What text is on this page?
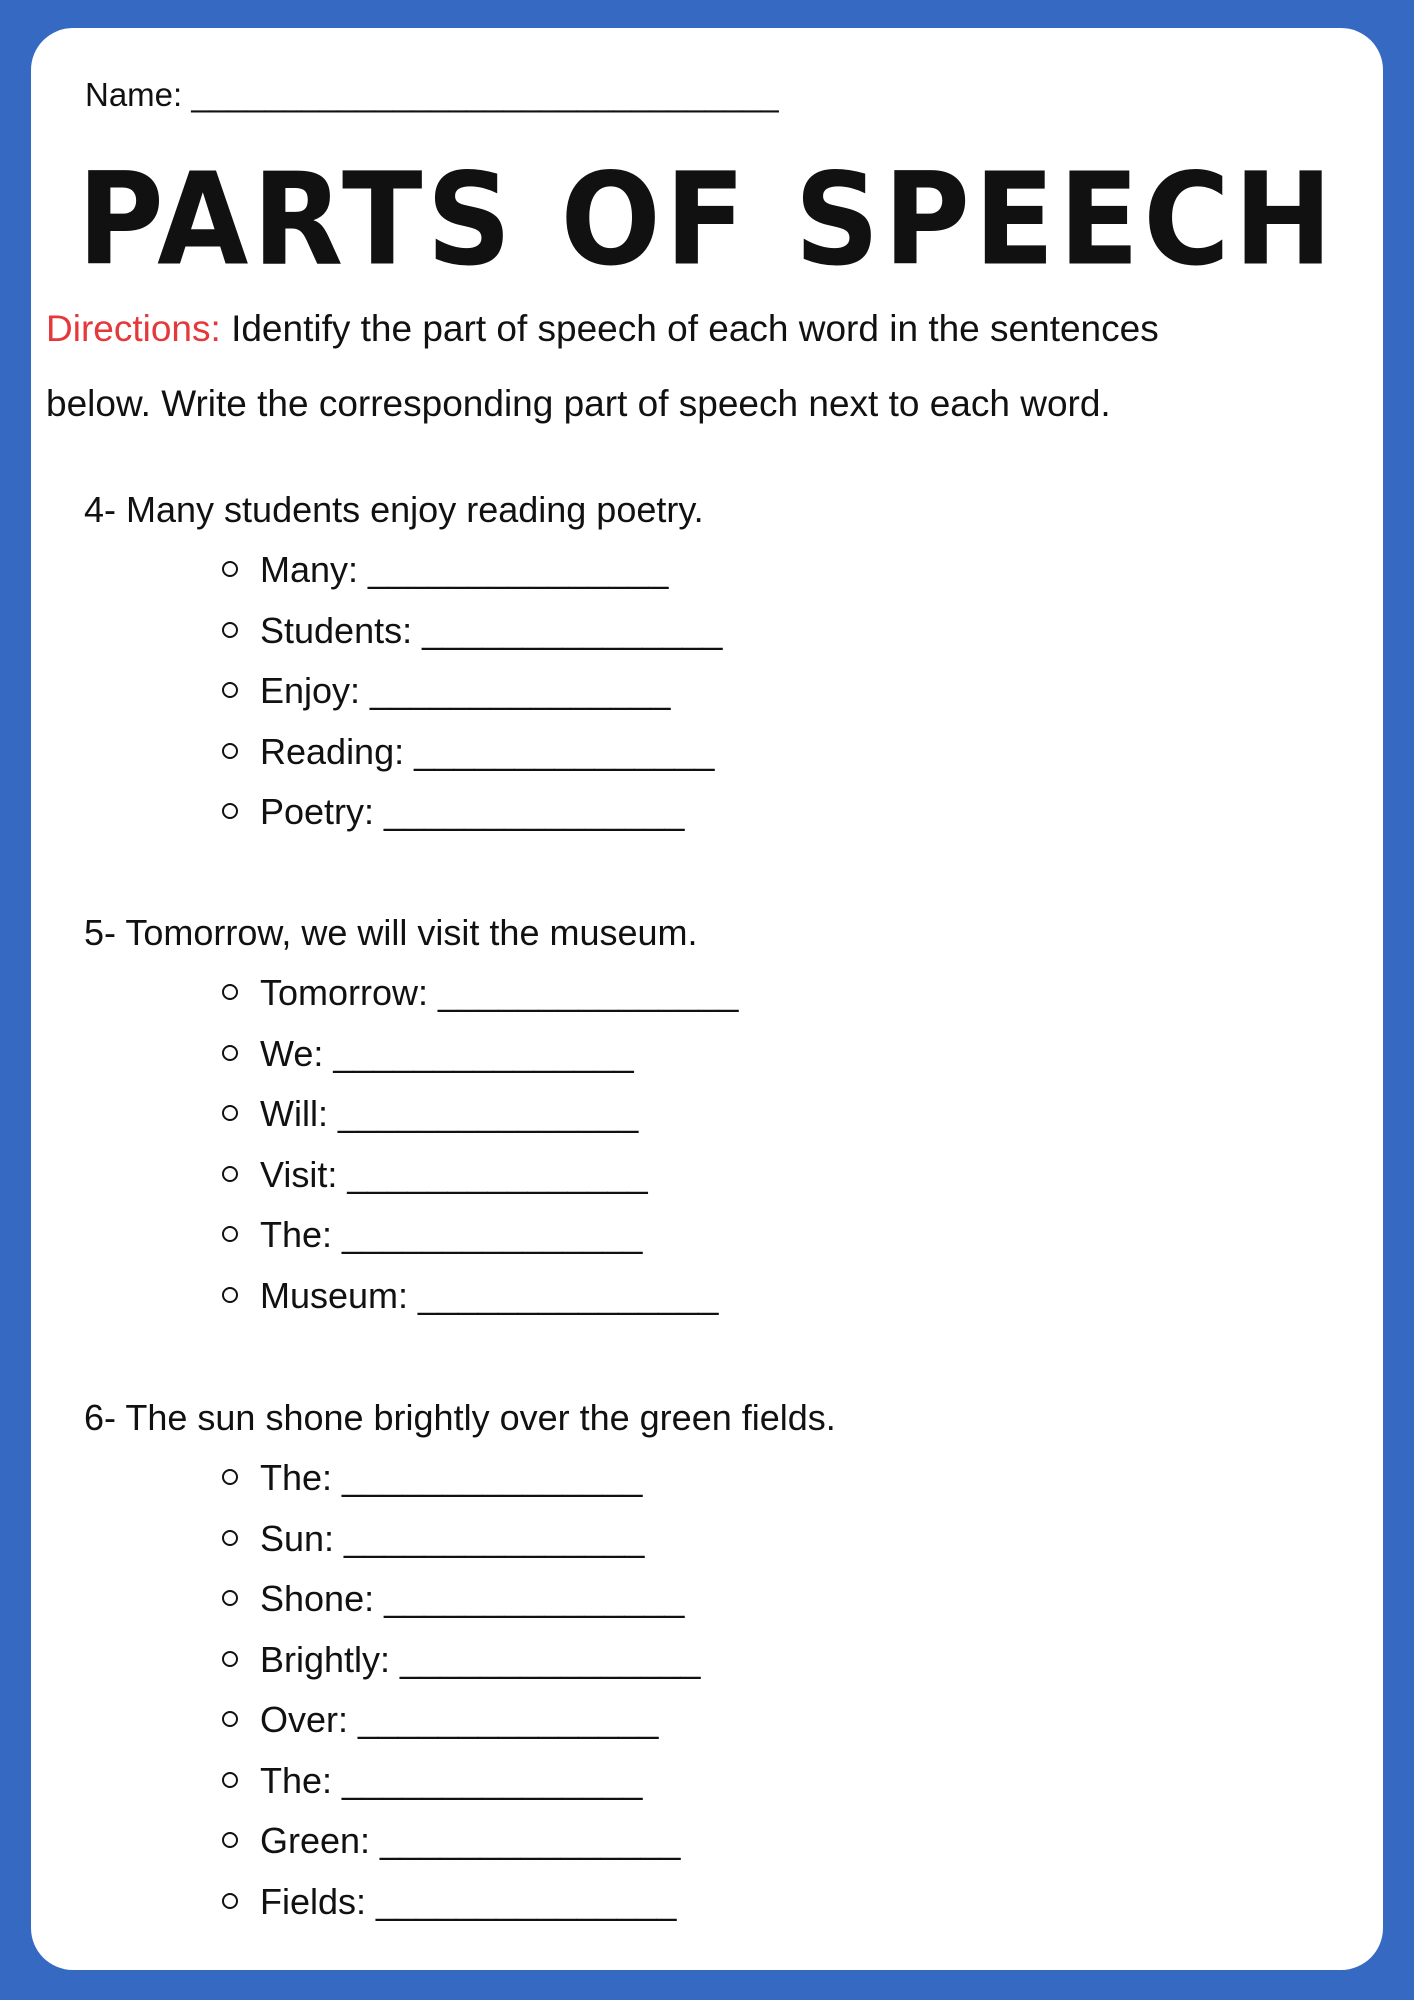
Name: ________________________________
PARTS OF SPEECH
Directions: Identify the part of speech of each word in the sentences
below. Write the corresponding part of speech next to each word.
4- Many students enjoy reading poetry.
Many: _______________
Students: _______________
Enjoy: _______________
Reading: _______________
Poetry: _______________
5- Tomorrow, we will visit the museum.
Tomorrow: _______________
We: _______________
Will: _______________
Visit: _______________
The: _______________
Museum: _______________
6- The sun shone brightly over the green fields.
The: _______________
Sun: _______________
Shone: _______________
Brightly: _______________
Over: _______________
The: _______________
Green: _______________
Fields: _______________
